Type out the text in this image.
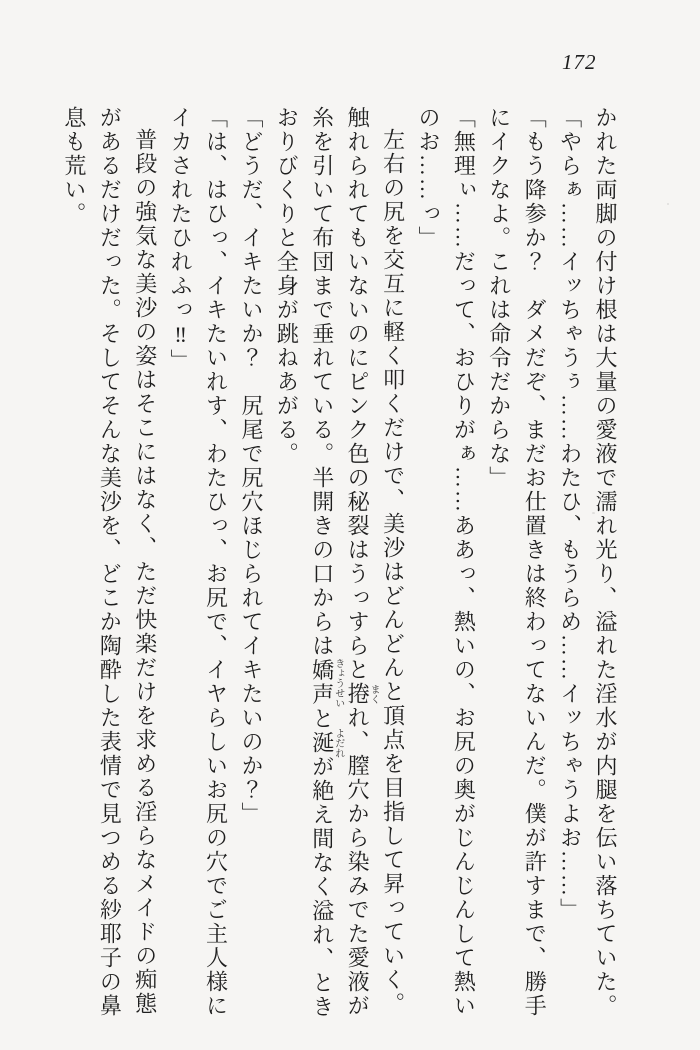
172

かれた両脚の付け根は大量の愛液で濡れ光り、溢れた淫水が内腿を伝い落ちていた。

「やらぁ……イッちゃうぅ……わたひ、もうらめ……イッちゃうよお……」

「もう降参か？　ダメだぞ、まだお仕置きは終わってないんだ。僕が許すまで、勝手にイクなよ。これは命令だからな」

「無理ぃ……だって、おひりがぁ……ああっ、熱いの、お尻の奥がじんじんして熱いのお……っ」

左右の尻を交互に軽く叩くだけで、美沙はどんどんと頂点を目指して昇っていく。触れられてもいないのにピンク色の秘裂はうっすらと捲まくれ、膣穴から染みでた愛液が糸を引いて布団まで垂れている。半開きの口からは嬌声きょうせいと涎よだれが絶え間なく溢れ、ときおりびくりと全身が跳ねあがる。

「どうだ、イキたいか？　尻尾で尻穴ほじられてイキたいのか？」

「は、はひっ、イキたいれす、わたひっ、お尻で、イヤらしいお尻の穴でご主人様にイカされたひれふっ‼」

普段の強気な美沙の姿はそこにはなく、ただ快楽だけを求める淫らなメイドの痴態があるだけだった。そしてそんな美沙を、どこか陶酔した表情で見つめる紗耶子の鼻息も荒い。
